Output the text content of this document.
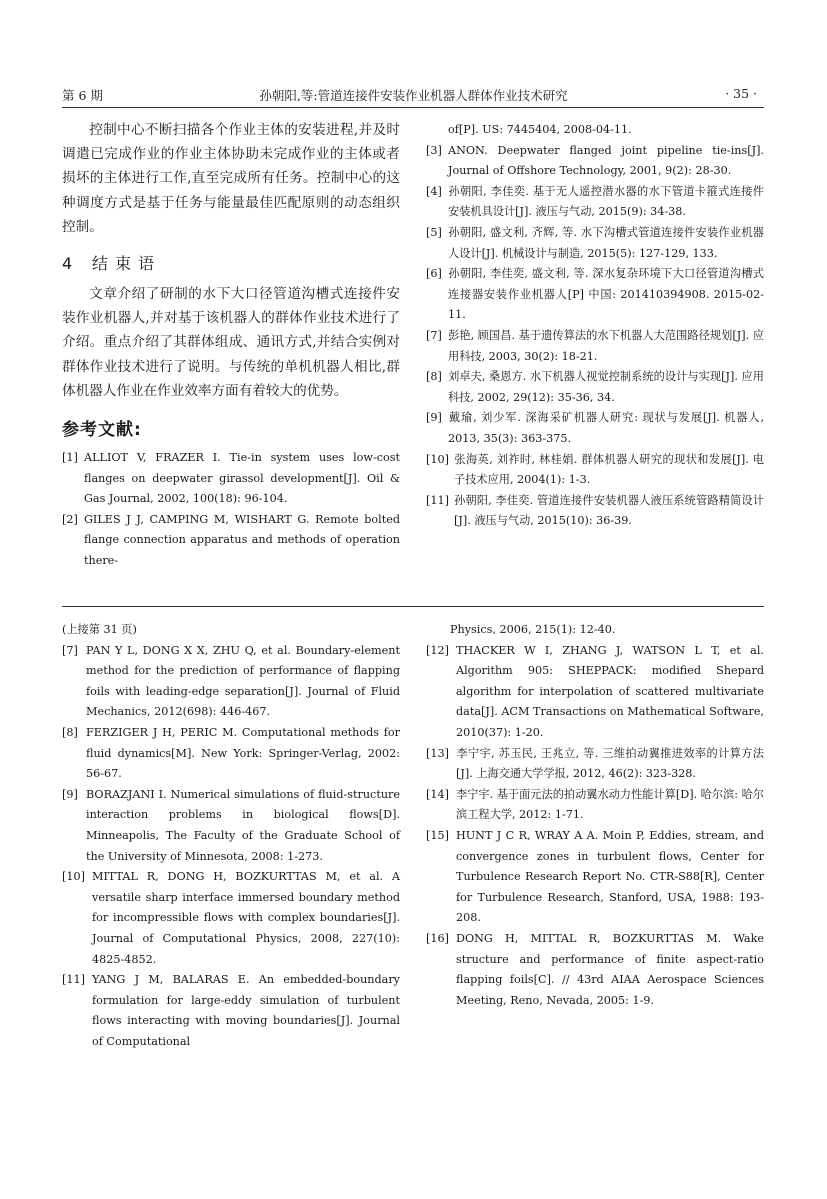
第 6 期	孙朝阳,等:管道连接件安装作业机器人群体作业技术研究	· 35 ·

控制中心不断扫描各个作业主体的安装进程,并及时调遣已完成作业的作业主体协助未完成作业的主体或者损坏的主体进行工作,直至完成所有任务。控制中心的这种调度方式是基于任务与能量最佳匹配原则的动态组织控制。

4 结 束 语

文章介绍了研制的水下大口径管道沟槽式连接件安装作业机器人,并对基于该机器人的群体作业技术进行了介绍。重点介绍了其群体组成、通讯方式,并结合实例对群体作业技术进行了说明。与传统的单机机器人相比,群体机器人作业在作业效率方面有着较大的优势。

参考文献:

[1] ALLIOT V, FRAZER I. Tie-in system uses low-cost flanges on deepwater girassol development[J]. Oil & Gas Journal, 2002, 100(18): 96-104.

[2] GILES J J, CAMPING M, WISHART G. Remote bolted flange connection apparatus and methods of operation there-

of[P]. US: 7445404, 2008-04-11.

[3] ANON. Deepwater flanged joint pipeline tie-ins[J]. Journal of Offshore Technology, 2001, 9(2): 28-30.

[4] 孙朝阳, 李佳奕. 基于无人遥控潜水器的水下管道卡箍式连接件安装机具设计[J]. 液压与气动, 2015(9): 34-38.

[5] 孙朝阳, 盛文利, 齐辉, 等. 水下沟槽式管道连接件安装作业机器人设计[J]. 机械设计与制造, 2015(5): 127-129, 133.

[6] 孙朝阳, 李佳奕, 盛文利, 等. 深水复杂环境下大口径管道沟槽式连接器安装作业机器人[P] 中国: 201410394908. 2015-02-11.

[7] 彭艳, 顾国昌. 基于遗传算法的水下机器人大范围路径规划[J]. 应用科技, 2003, 30(2): 18-21.

[8] 刘卓夫, 桑恩方. 水下机器人视觉控制系统的设计与实现[J]. 应用科技, 2002, 29(12): 35-36, 34.

[9] 戴瑜, 刘少军. 深海采矿机器人研究: 现状与发展[J]. 机器人, 2013, 35(3): 363-375.

[10] 张海英, 刘祚时, 林桂娟. 群体机器人研究的现状和发展[J]. 电子技术应用, 2004(1): 1-3.

[11] 孙朝阳, 李佳奕. 管道连接件安装机器人液压系统管路精简设计[J]. 液压与气动, 2015(10): 36-39.

(上接第 31 页)

[7] PAN Y L, DONG X X, ZHU Q, et al. Boundary-element method for the prediction of performance of flapping foils with leading-edge separation[J]. Journal of Fluid Mechanics, 2012(698): 446-467.

[8] FERZIGER J H, PERIC M. Computational methods for fluid dynamics[M]. New York: Springer-Verlag, 2002: 56-67.

[9] BORAZJANI I. Numerical simulations of fluid-structure interaction problems in biological flows[D]. Minneapolis, The Faculty of the Graduate School of the University of Minnesota, 2008: 1-273.

[10] MITTAL R, DONG H, BOZKURTTAS M, et al. A versatile sharp interface immersed boundary method for incompressible flows with complex boundaries[J]. Journal of Computational Physics, 2008, 227(10): 4825-4852.

[11] YANG J M, BALARAS E. An embedded-boundary formulation for large-eddy simulation of turbulent flows interacting with moving boundaries[J]. Journal of Computational

Physics, 2006, 215(1): 12-40.

[12] THACKER W I, ZHANG J, WATSON L T, et al. Algorithm 905: SHEPPACK: modified Shepard algorithm for interpolation of scattered multivariate data[J]. ACM Transactions on Mathematical Software, 2010(37): 1-20.

[13] 李宁宇, 苏玉民, 王兆立, 等. 三维拍动翼推进效率的计算方法[J]. 上海交通大学学报, 2012, 46(2): 323-328.

[14] 李宁宇. 基于面元法的拍动翼水动力性能计算[D]. 哈尔滨: 哈尔滨工程大学, 2012: 1-71.

[15] HUNT J C R, WRAY A A. Moin P, Eddies, stream, and convergence zones in turbulent flows, Center for Turbulence Research Report No. CTR-S88[R], Center for Turbulence Research, Stanford, USA, 1988: 193-208.

[16] DONG H, MITTAL R, BOZKURTTAS M. Wake structure and performance of finite aspect-ratio flapping foils[C]. // 43rd AIAA Aerospace Sciences Meeting, Reno, Nevada, 2005: 1-9.
